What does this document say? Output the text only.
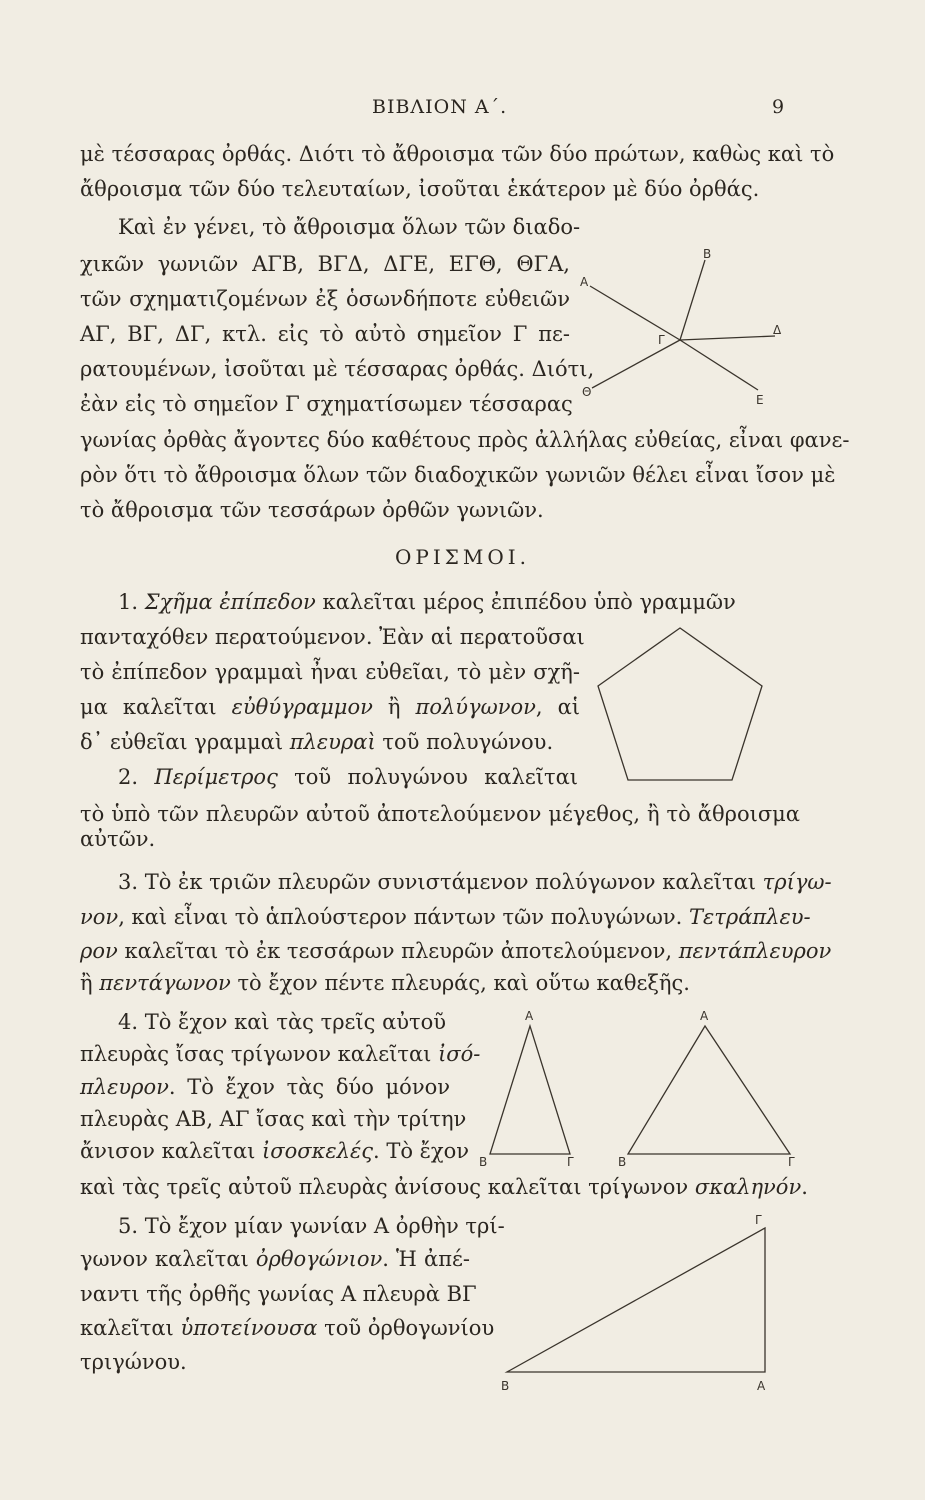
ΒΙΒΛΙΟΝ Α΄.	9
μὲ τέσσαρας ὀρθάς. Διότι τὸ ἄθροισμα τῶν δύο πρώτων, καθὼς καὶ τὸ
ἄθροισμα τῶν δύο τελευταίων, ἰσοῦται ἑκάτερον μὲ δύο ὀρθάς.
Καὶ ἐν γένει, τὸ ἄθροισμα ὅλων τῶν διαδο-
χικῶν γωνιῶν ΑΓΒ, ΒΓΔ, ΔΓΕ, ΕΓΘ, ΘΓΑ,
τῶν σχηματιζομένων ἐξ ὁσωνδήποτε εὐθειῶν
ΑΓ, ΒΓ, ΔΓ, κτλ. εἰς τὸ αὐτὸ σημεῖον Γ πε-
ρατουμένων, ἰσοῦται μὲ τέσσαρας ὀρθάς. Διότι,
ἐὰν εἰς τὸ σημεῖον Γ σχηματίσωμεν τέσσαρας
γωνίας ὀρθὰς ἄγοντες δύο καθέτους πρὸς ἀλλήλας εὐθείας, εἶναι φανε-
ρὸν ὅτι τὸ ἄθροισμα ὅλων τῶν διαδοχικῶν γωνιῶν θέλει εἶναι ἴσον μὲ
τὸ ἄθροισμα τῶν τεσσάρων ὀρθῶν γωνιῶν.
Α
Β
Γ
Δ
Ε
Θ
ΟΡΙΣΜΟΙ.
1. Σχῆμα ἐπίπεδον καλεῖται μέρος ἐπιπέδου ὑπὸ γραμμῶν
πανταχόθεν περατούμενον. Ἐὰν αἱ περατοῦσαι
τὸ ἐπίπεδον γραμμαὶ ἦναι εὐθεῖαι, τὸ μὲν σχῆ-
μα καλεῖται εὐθύγραμμον ἢ πολύγωνον, αἱ
δ᾿ εὐθεῖαι γραμμαὶ πλευραὶ τοῦ πολυγώνου.
2. Περίμετρος τοῦ πολυγώνου καλεῖται
τὸ ὑπὸ τῶν πλευρῶν αὐτοῦ ἀποτελούμενον μέγεθος, ἢ τὸ ἄθροισμα
αὐτῶν.
3. Τὸ ἐκ τριῶν πλευρῶν συνιστάμενον πολύγωνον καλεῖται τρίγω-
νον, καὶ εἶναι τὸ ἁπλούστερον πάντων τῶν πολυγώνων. Τετράπλευ-
ρον καλεῖται τὸ ἐκ τεσσάρων πλευρῶν ἀποτελούμενον, πεντάπλευρον
ἢ πεντάγωνον τὸ ἔχον πέντε πλευράς, καὶ οὕτω καθεξῆς.
4. Τὸ ἔχον καὶ τὰς τρεῖς αὐτοῦ
πλευρὰς ἴσας τρίγωνον καλεῖται ἰσό-
πλευρον. Τὸ ἔχον τὰς δύο μόνον
πλευρὰς ΑΒ, ΑΓ ἴσας καὶ τὴν τρίτην
ἄνισον καλεῖται ἰσοσκελές. Τὸ ἔχον
καὶ τὰς τρεῖς αὐτοῦ πλευρὰς ἀνίσους καλεῖται τρίγωνον σκαληνόν.
Α
Β	Γ
Α
Β	Γ
5. Τὸ ἔχον μίαν γωνίαν Α ὀρθὴν τρί-
γωνον καλεῖται ὀρθογώνιον. Ἡ ἀπέ-
ναντι τῆς ὀρθῆς γωνίας Α πλευρὰ ΒΓ
καλεῖται ὑποτείνουσα τοῦ ὀρθογωνίου
τριγώνου.
Γ
Β	Α
